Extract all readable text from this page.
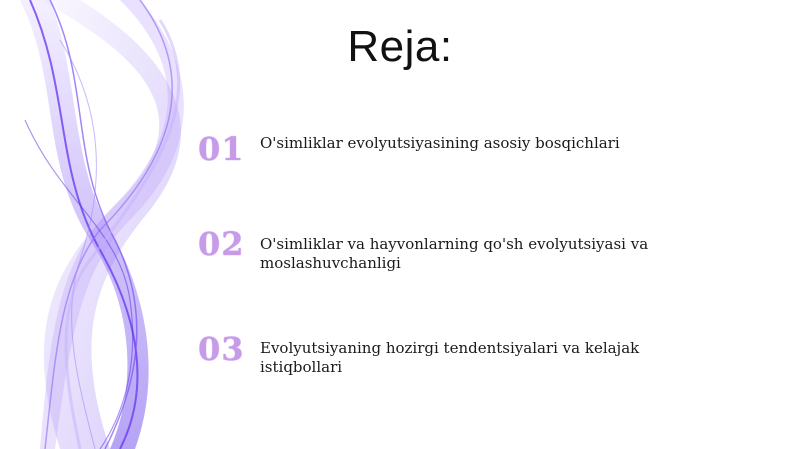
Reja:
01 O'simliklar evolyutsiyasining asosiy bosqichlari
02 O'simliklar va hayvonlarning qo'sh evolyutsiyasi va moslashuvchanligi
03 Evolyutsiyaning hozirgi tendentsiyalari va kelajak istiqbollari
